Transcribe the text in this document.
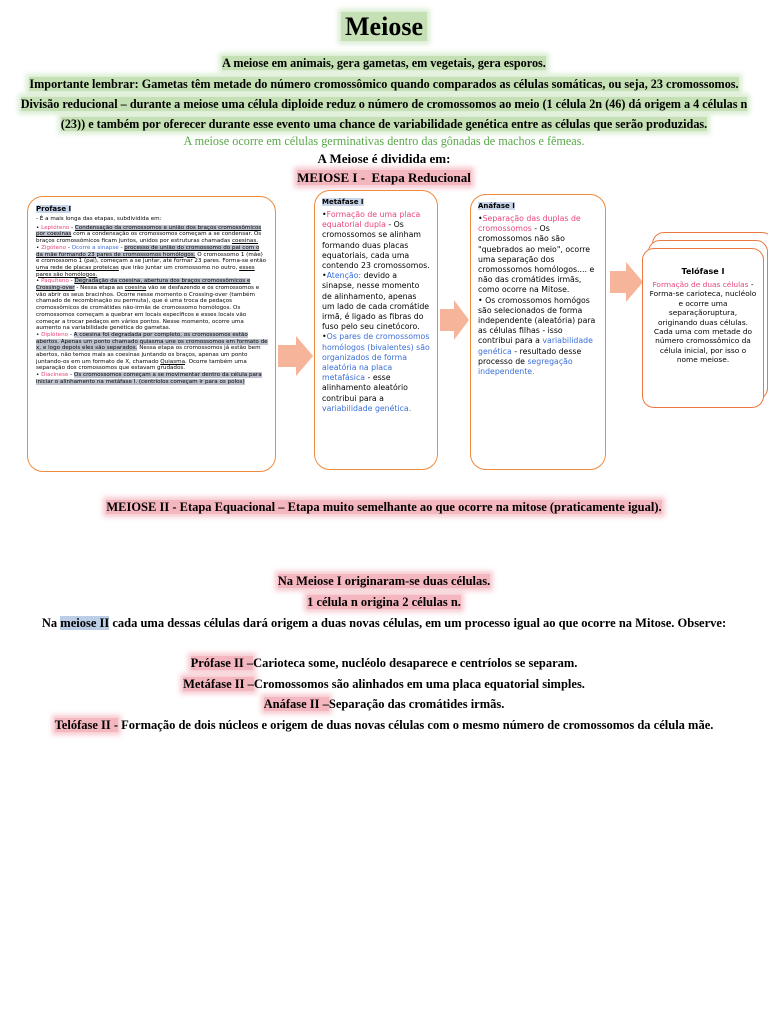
Meiose
A meiose em animais, gera gametas, em vegetais, gera esporos.
Importante lembrar: Gametas têm metade do número cromossômico quando comparados as células somáticas, ou seja, 23 cromossomos.
Divisão reducional – durante a meiose uma célula diploide reduz o número de cromossomos ao meio (1 célula 2n (46) dá origem a 4 células n
(23)) e também por oferecer durante esse evento uma chance de variabilidade genética entre as células que serão produzidas.
A meiose ocorre em células germinativas dentro das gônadas de machos e fêmeas.
A Meiose é dividida em:
MEIOSE I - Etapa Reducional
Profase I
- É a mais longa das etapas, subdividida em:
• Leptóteno - Condensação da cromossomos e união dos braços cromossômicos por coesinas com a condensação os cromossomos começam a se condensar. Os braços cromossômicos ficam juntos, unidos por estruturas chamadas coesinas.
• Zigóteno - Ocorre a sinapse - processo de união do cromossomo do pai com o da mãe formando 23 pares de cromossomos homólogos. O cromossomo 1 (mãe) e cromossomo 1 (pai), começam a se juntar, até formar 23 pares. Forma-se então uma rede de placas proteicas que irão juntar um cromossomo no outro, esses pares são homólogos.
• Paquíteno - Degradação da coesina, abertura dos braços cromossômicos e Crossing-over - Nessa etapa as coesina vão se desfazendo e os cromossomos e vão abrir os seus bracinhos. Ocorre nesse momento o Crossing-over (também chamado de recombinação ou permuta), que é uma troca de pedaços cromossômicos de cromátides não-irmãs de cromossomo homólogos. Os cromossomos começam a quebrar em locais específicos e esses locais vão começar a trocar pedaços em vários pontos. Nesse momento, ocorre uma aumento na variabilidade genética do gametas.
• Diplóteno - A coesina foi degradada por completo, os cromossomos estão abertos. Apenas um ponto chamado quiasma une os cromossomos em formato de x, e logo depois eles são separados. Nessa etapa os cromossomos já estão bem abertos, não temos mais as coesinas juntando os braços, apenas um ponto juntando-os em um formato de X, chamado Quiasma. Ocorre também uma separação dos cromossomos que estavam grudados.
• Diacinese - Os cromossomos começam a se movimentar dentro da célula para iniciar o alinhamento na metáfase I. (centríolos começam ir para os polos)
Metáfase I
•Formação de uma placa equatorial dupla - Os cromossomos se alinham formando duas placas equatoriais, cada uma contendo 23 cromossomos.
•Atenção: devido a sinapse, nesse momento de alinhamento, apenas um lado de cada cromátide irmã, é ligado as fibras do fuso pelo seu cinetócoro.
•Os pares de cromossomos homólogos (bivalentes) são organizados de forma aleatória na placa metafásica - esse alinhamento aleatório contribui para a variabilidade genética.
Anáfase I
•Separação das duplas de cromossomos - Os cromossomos não são "quebrados ao meio", ocorre uma separação dos cromossomos homólogos.... e não das cromátides irmãs, como ocorre na Mitose.
• Os cromossomos homógos são selecionados de forma independente (aleatória) para as células filhas - isso contribui para a variabilidade genética - resultado desse processo de segregação independente.
Telófase I
Formação de duas células - Forma-se carioteca, nucléolo e ocorre uma separaçãoruptura, originando duas células. Cada uma com metade do número cromossômico da célula inicial, por isso o nome meiose.
MEIOSE II - Etapa Equacional – Etapa muito semelhante ao que ocorre na mitose (praticamente igual).
Na Meiose I originaram-se duas células.
1 célula n origina 2 células n.
Na meiose II cada uma dessas células dará origem a duas novas células, em um processo igual ao que ocorre na Mitose. Observe:
Prófase II –Carioteca some, nucléolo desaparece e centríolos se separam.
Metáfase II –Cromossomos são alinhados em uma placa equatorial simples.
Anáfase II –Separação das cromátides irmãs.
Telófase II - Formação de dois núcleos e origem de duas novas células com o mesmo número de cromossomos da célula mãe.
